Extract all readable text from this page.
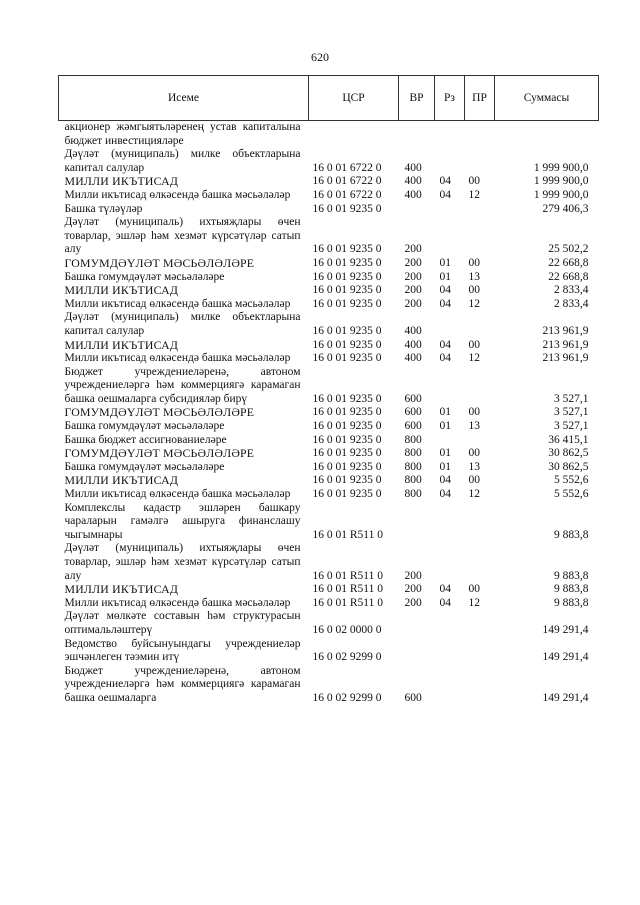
620
Исеме	ЦСР	ВР	Рз	ПР	Суммасы
акционер жәмгыятьләренең устав капиталына бюджет инвестицияләре					
Дәүләт (муниципаль) милке объектларына капитал салулар	16 0 01 6722 0	400			1 999 900,0
МИЛЛИ ИКЪТИСАД	16 0 01 6722 0	400	04	00	1 999 900,0
Милли икътисад өлкәсендә башка мәсьәләләр	16 0 01 6722 0	400	04	12	1 999 900,0
Башка түләүләр	16 0 01 9235 0				279 406,3
Дәүләт (муниципаль) ихтыяҗлары өчен товарлар, эшләр һәм хезмәт күрсәтүләр сатып алу	16 0 01 9235 0	200			25 502,2
ГОМУМДӘҮЛӘТ МӘСЬӘЛӘЛӘРЕ	16 0 01 9235 0	200	01	00	22 668,8
Башка гомумдәүләт мәсьәләләре	16 0 01 9235 0	200	01	13	22 668,8
МИЛЛИ ИКЪТИСАД	16 0 01 9235 0	200	04	00	2 833,4
Милли икътисад өлкәсендә башка мәсьәләләр	16 0 01 9235 0	200	04	12	2 833,4
Дәүләт (муниципаль) милке объектларына капитал салулар	16 0 01 9235 0	400			213 961,9
МИЛЛИ ИКЪТИСАД	16 0 01 9235 0	400	04	00	213 961,9
Милли икътисад өлкәсендә башка мәсьәләләр	16 0 01 9235 0	400	04	12	213 961,9
Бюджет учреждениеләренә, автоном учреждениеләргә һәм коммерциягә карамаган башка оешмаларга субсидияләр бирү	16 0 01 9235 0	600			3 527,1
ГОМУМДӘҮЛӘТ МӘСЬӘЛӘЛӘРЕ	16 0 01 9235 0	600	01	00	3 527,1
Башка гомумдәүләт мәсьәләләре	16 0 01 9235 0	600	01	13	3 527,1
Башка бюджет ассигнованиеләре	16 0 01 9235 0	800			36 415,1
ГОМУМДӘҮЛӘТ МӘСЬӘЛӘЛӘРЕ	16 0 01 9235 0	800	01	00	30 862,5
Башка гомумдәүләт мәсьәләләре	16 0 01 9235 0	800	01	13	30 862,5
МИЛЛИ ИКЪТИСАД	16 0 01 9235 0	800	04	00	5 552,6
Милли икътисад өлкәсендә башка мәсьәләләр	16 0 01 9235 0	800	04	12	5 552,6
Комплекслы кадастр эшләрен башкару чараларын гамәлгә ашыруга финанслашу чыгымнары	16 0 01 R511 0				9 883,8
Дәүләт (муниципаль) ихтыяҗлары өчен товарлар, эшләр һәм хезмәт күрсәтүләр сатып алу	16 0 01 R511 0	200			9 883,8
МИЛЛИ ИКЪТИСАД	16 0 01 R511 0	200	04	00	9 883,8
Милли икътисад өлкәсендә башка мәсьәләләр	16 0 01 R511 0	200	04	12	9 883,8
Дәүләт мөлкәте составын һәм структурасын оптимальләштерү	16 0 02 0000 0				149 291,4
Ведомство буйсынуындагы учреждениеләр эшчәнлеген тәэмин итү	16 0 02 9299 0				149 291,4
Бюджет учреждениеләренә, автоном учреждениеләргә һәм коммерциягә карамаган башка оешмаларга	16 0 02 9299 0	600			149 291,4
